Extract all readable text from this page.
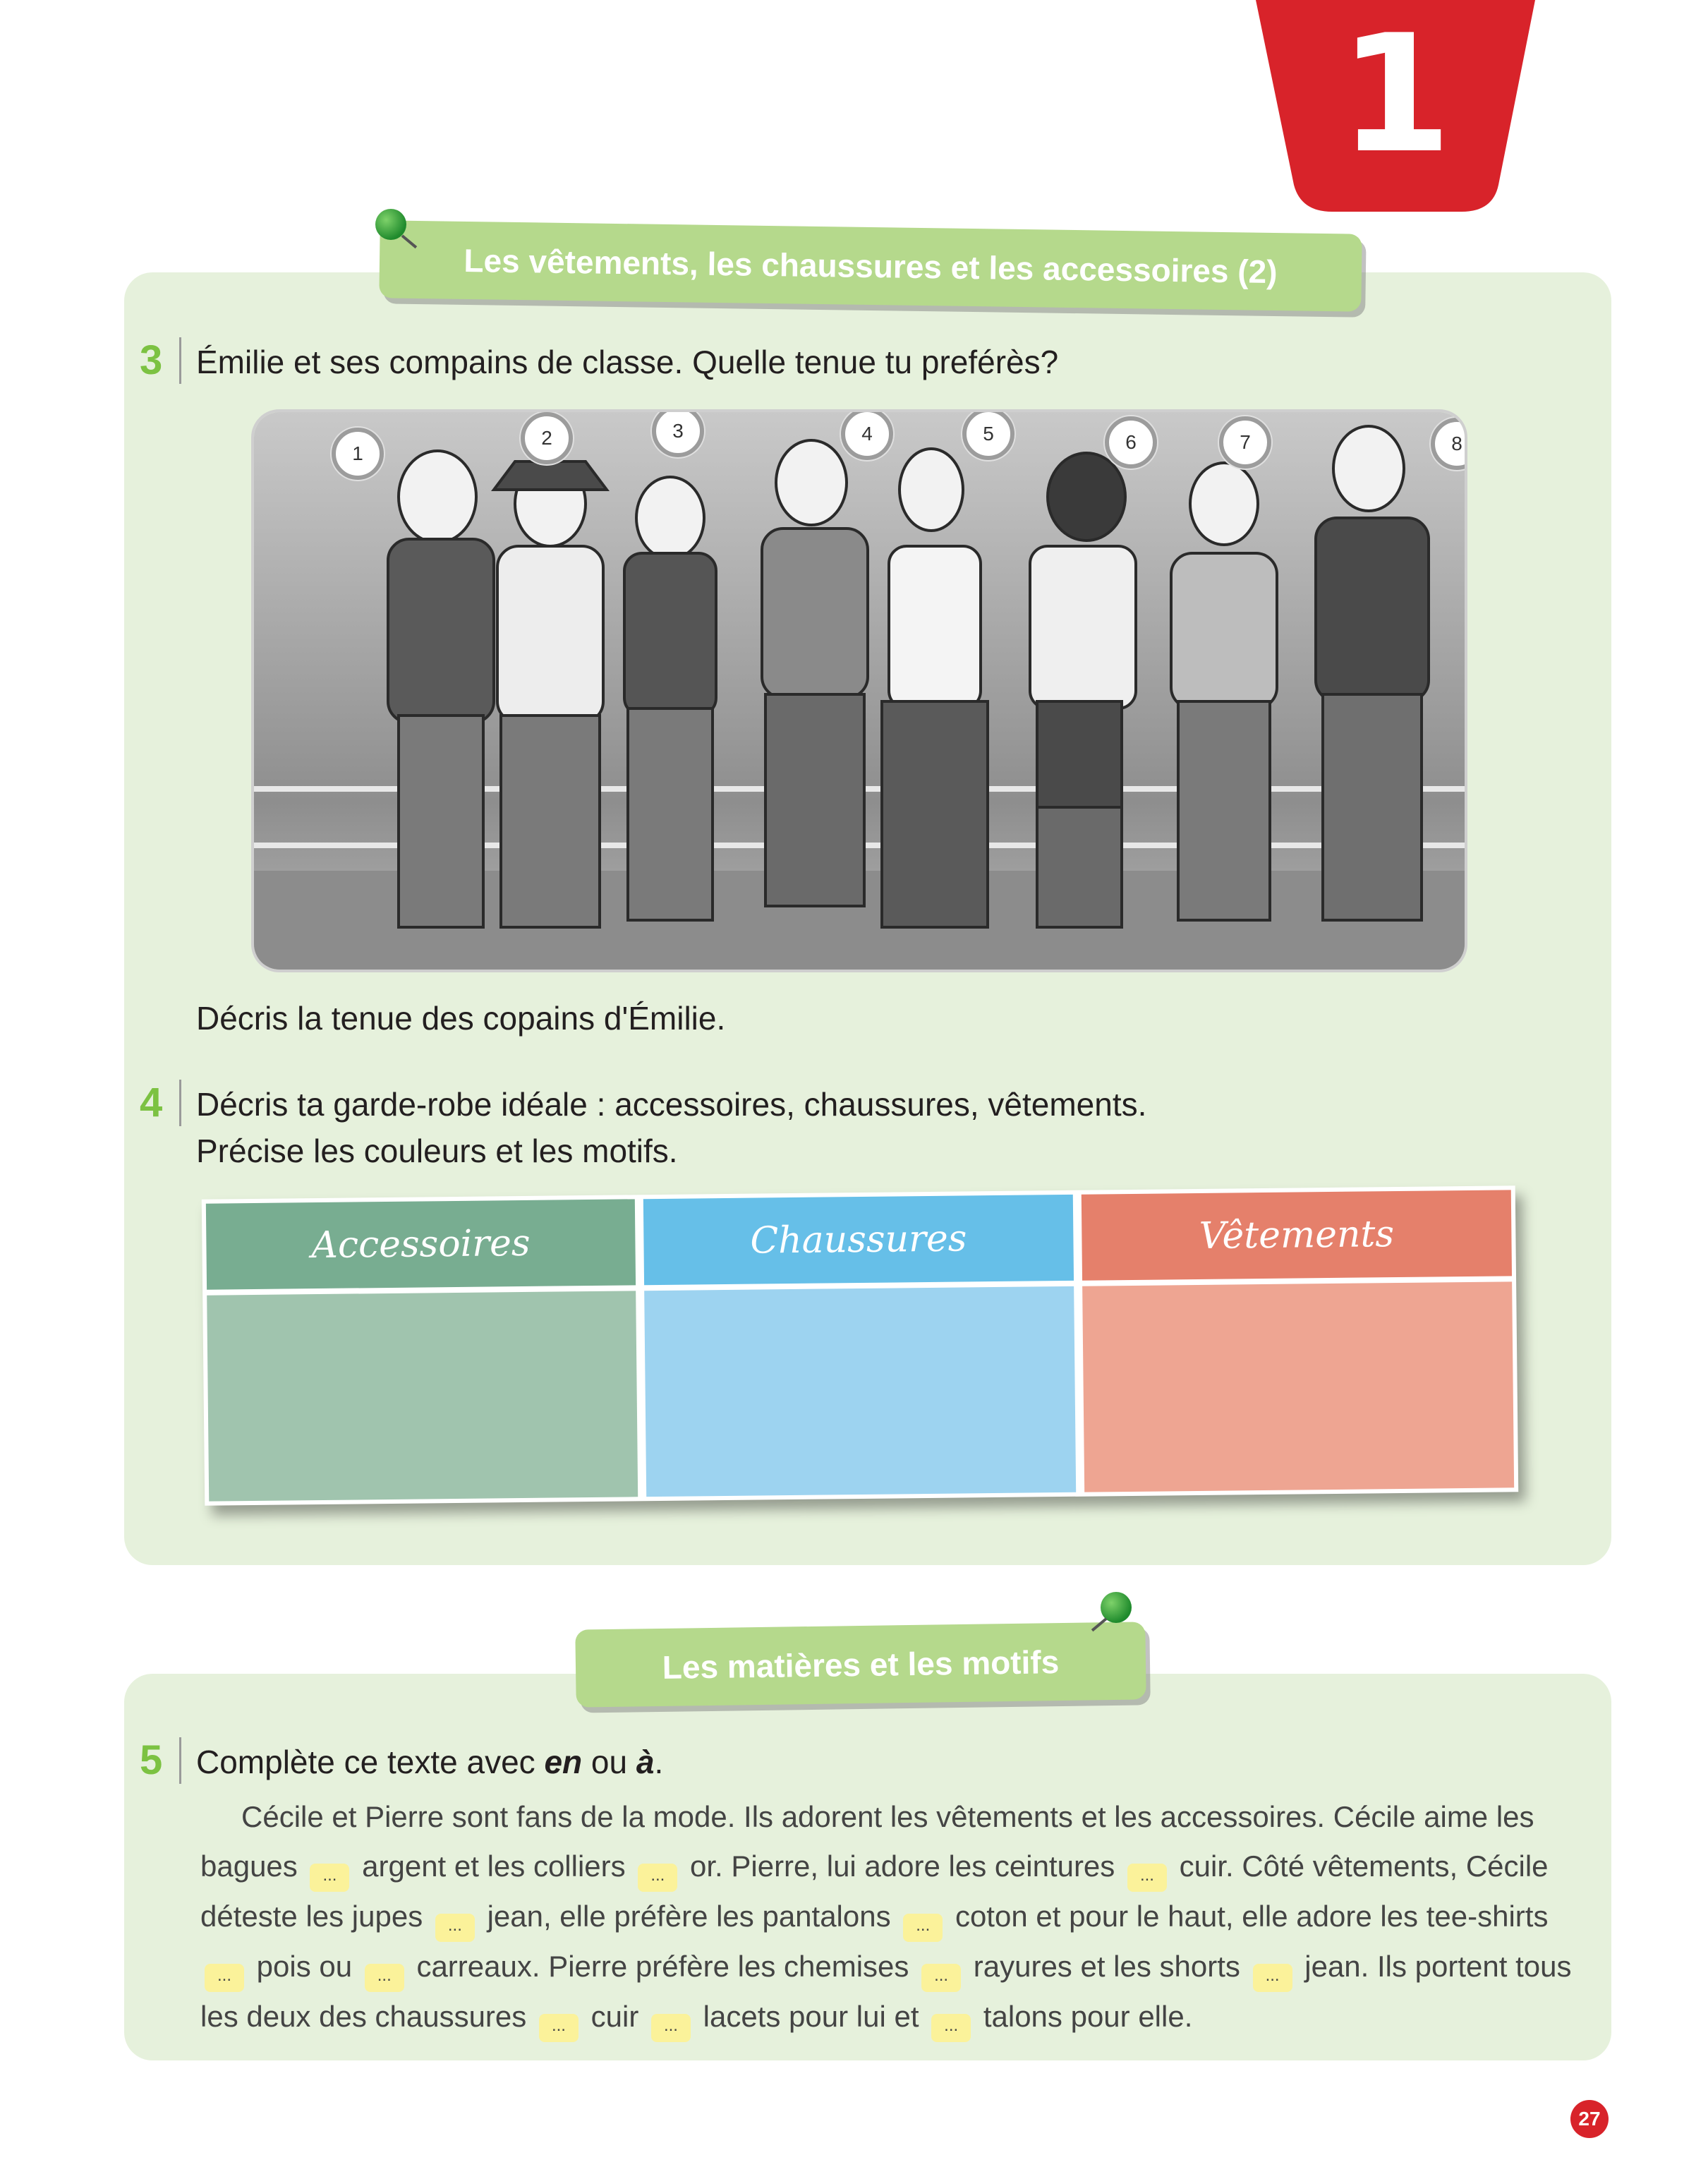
1
Les vêtements, les chaussures et les accessoires (2)
3 Émilie et ses compains de classe. Quelle tenue tu preférès?
1
2	3	4	5	6	7	8
Décris la tenue des copains d'Émilie.
4 Décris ta garde-robe idéale : accessoires, chaussures, vêtements.
Précise les couleurs et les motifs.
Accessoires	Chaussures	Vêtements
Les matières et les motifs
5 Complète ce texte avec en ou à.
Cécile et Pierre sont fans de la mode. Ils adorent les vêtements et les accessoires. Cécile aime les bagues ... argent et les colliers ... or. Pierre, lui adore les ceintures ... cuir. Côté vêtements, Cécile déteste les jupes ... jean, elle préfère les pantalons ... coton et pour le haut, elle adore les tee-shirts ... pois ou ... carreaux. Pierre préfère les chemises ... rayures et les shorts ... jean. Ils portent tous les deux des chaussures ... cuir ... lacets pour lui et ... talons pour elle.
27
